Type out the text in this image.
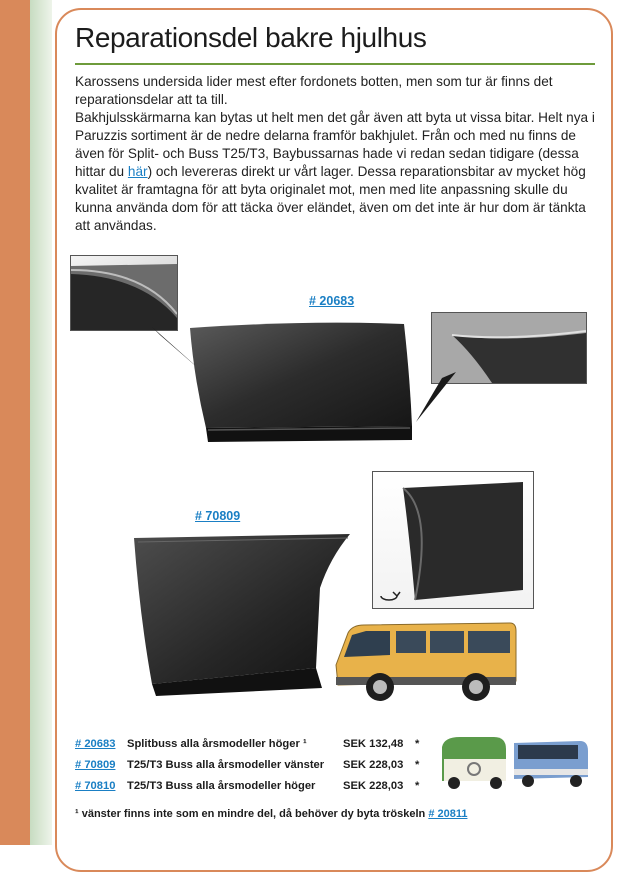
Reparationsdel bakre hjulhus

Karossens undersida lider mest efter fordonets botten, men som tur är finns det reparationsdelar att ta till.

Bakhjulsskärmarna kan bytas ut helt men det går även att byta ut vissa bitar. Helt nya i Paruzzis sortiment är de nedre delarna framför bakhjulet. Från och med nu finns de även för Split- och Buss T25/T3, Baybussarnas hade vi redan sedan tidigare (dessa hittar du här) och levereras direkt ur vårt lager. Dessa reparationsbitar av mycket hög kvalitet är framtagna för att byta originalet mot, men med lite anpassning skulle du kunna använda dom för att täcka över eländet, även om det inte är hur dom är tänkta att användas.

# 20683
# 70809
# 20683	Splitbuss alla årsmodeller höger ¹	SEK 132,48	*
# 70809	T25/T3 Buss alla årsmodeller vänster	SEK 228,03	*
# 70810	T25/T3 Buss alla årsmodeller höger	SEK 228,03	*
¹ vänster finns inte som en mindre del, då behöver dy byta tröskeln # 20811
